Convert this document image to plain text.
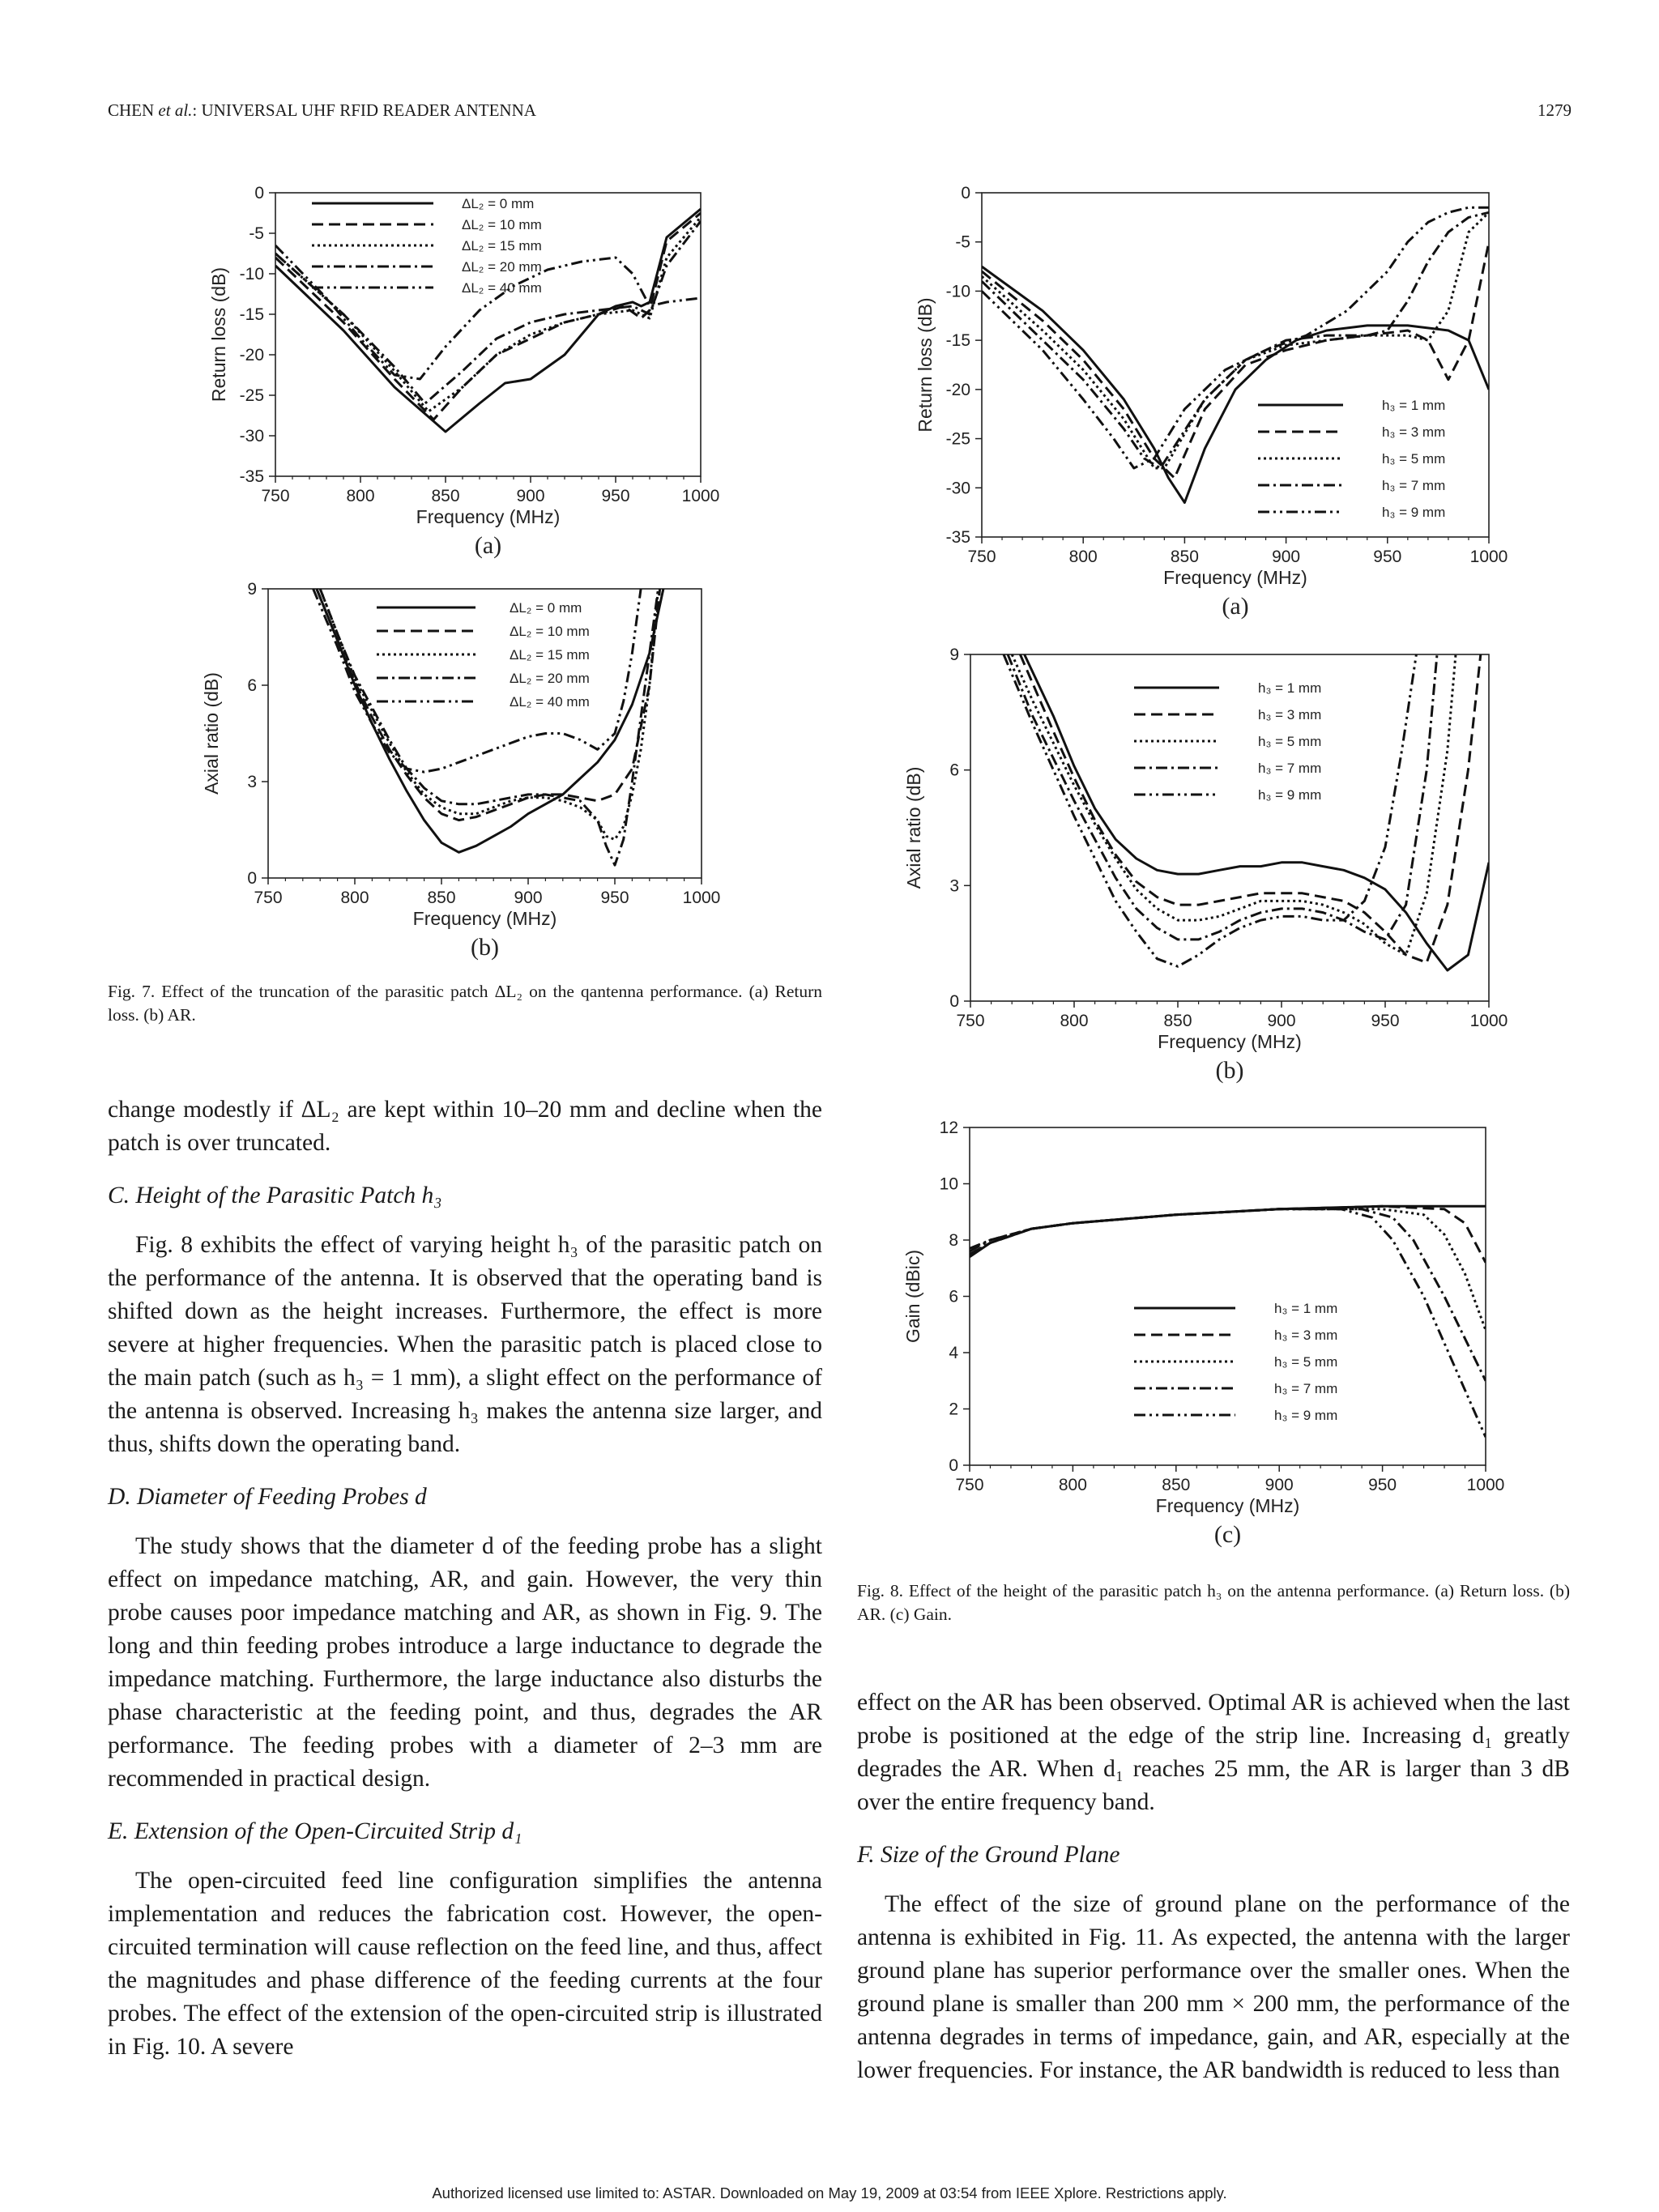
CHEN et al.: UNIVERSAL UHF RFID READER ANTENNA	1279
750	800	850	900	950	1000
0
-5
-10
-15
-20
-25
-30
-35
Frequency (MHz)
Return loss (dB)
(a)
ΔL₂ = 0 mm
ΔL₂ = 10 mm
ΔL₂ = 15 mm
ΔL₂ = 20 mm
ΔL₂ = 40 mm
750	800	850	900	950	1000
0
3
6
9
Frequency (MHz)
Axial ratio (dB)
(b)
ΔL₂ = 0 mm
ΔL₂ = 10 mm
ΔL₂ = 15 mm
ΔL₂ = 20 mm
ΔL₂ = 40 mm
750	800	850	900	950	1000
0
-5
-10
-15
-20
-25
-30
-35
Frequency (MHz)
Return loss (dB)
(a)
h₃ = 1 mm
h₃ = 3 mm
h₃ = 5 mm
h₃ = 7 mm
h₃ = 9 mm
750	800	850	900	950	1000
0
3
6
9
Frequency (MHz)
Axial ratio (dB)
(b)
h₃ = 1 mm
h₃ = 3 mm
h₃ = 5 mm
h₃ = 7 mm
h₃ = 9 mm
750	800	850	900	950	1000
0
2
4
6
8
10
12
Frequency (MHz)
Gain (dBic)
(c)
h₃ = 1 mm
h₃ = 3 mm
h₃ = 5 mm
h₃ = 7 mm
h₃ = 9 mm

Fig. 7. Effect of the truncation of the parasitic patch ΔL₂ on the qantenna performance. (a) Return loss. (b) AR.

Fig. 8. Effect of the height of the parasitic patch h₃ on the antenna performance. (a) Return loss. (b) AR. (c) Gain.

change modestly if ΔL₂ are kept within 10–20 mm and decline when the patch is over truncated.

C. Height of the Parasitic Patch h₃

Fig. 8 exhibits the effect of varying height h₃ of the parasitic patch on the performance of the antenna. It is observed that the operating band is shifted down as the height increases. Furthermore, the effect is more severe at higher frequencies. When the parasitic patch is placed close to the main patch (such as h₃ = 1 mm), a slight effect on the performance of the antenna is observed. Increasing h₃ makes the antenna size larger, and thus, shifts down the operating band.

D. Diameter of Feeding Probes d

The study shows that the diameter d of the feeding probe has a slight effect on impedance matching, AR, and gain. However, the very thin probe causes poor impedance matching and AR, as shown in Fig. 9. The long and thin feeding probes introduce a large inductance to degrade the impedance matching. Furthermore, the large inductance also disturbs the phase characteristic at the feeding point, and thus, degrades the AR performance. The feeding probes with a diameter of 2–3 mm are recommended in practical design.

E. Extension of the Open-Circuited Strip d₁

The open-circuited feed line configuration simplifies the antenna implementation and reduces the fabrication cost. However, the open-circuited termination will cause reflection on the feed line, and thus, affect the magnitudes and phase difference of the feeding currents at the four probes. The effect of the extension of the open-circuited strip is illustrated in Fig. 10. A severe

effect on the AR has been observed. Optimal AR is achieved when the last probe is positioned at the edge of the strip line. Increasing d₁ greatly degrades the AR. When d₁ reaches 25 mm, the AR is larger than 3 dB over the entire frequency band.

F. Size of the Ground Plane

The effect of the size of ground plane on the performance of the antenna is exhibited in Fig. 11. As expected, the antenna with the larger ground plane has superior performance over the smaller ones. When the ground plane is smaller than 200 mm × 200 mm, the performance of the antenna degrades in terms of impedance, gain, and AR, especially at the lower frequencies. For instance, the AR bandwidth is reduced to less than

Authorized licensed use limited to: ASTAR. Downloaded on May 19, 2009 at 03:54 from IEEE Xplore. Restrictions apply.
